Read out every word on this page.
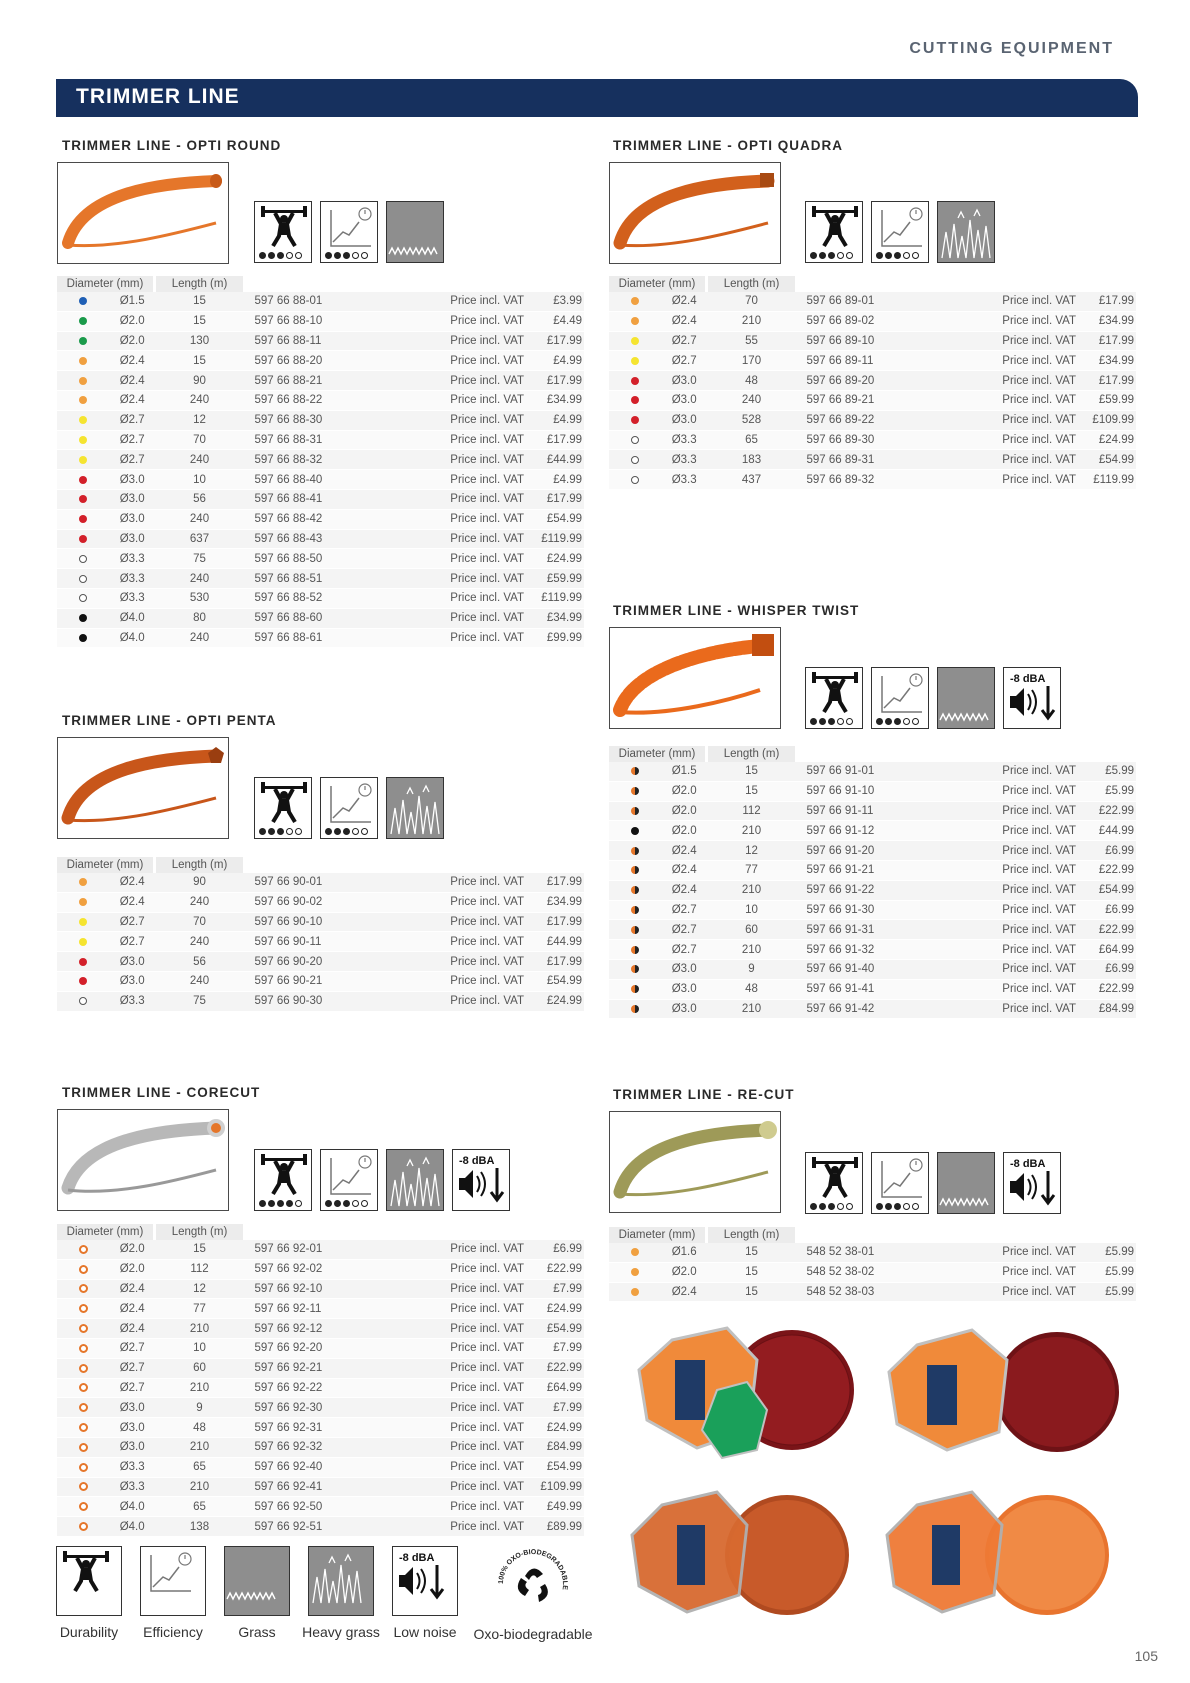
CUTTING EQUIPMENT
TRIMMER LINE
TRIMMER LINE - OPTI ROUND
Diameter (mm)		Length (m)			
	Ø1.5	15	597 66 88-01	Price incl. VAT	£3.99
	Ø2.0	15	597 66 88-10	Price incl. VAT	£4.49
	Ø2.0	130	597 66 88-11	Price incl. VAT	£17.99
	Ø2.4	15	597 66 88-20	Price incl. VAT	£4.99
	Ø2.4	90	597 66 88-21	Price incl. VAT	£17.99
	Ø2.4	240	597 66 88-22	Price incl. VAT	£34.99
	Ø2.7	12	597 66 88-30	Price incl. VAT	£4.99
	Ø2.7	70	597 66 88-31	Price incl. VAT	£17.99
	Ø2.7	240	597 66 88-32	Price incl. VAT	£44.99
	Ø3.0	10	597 66 88-40	Price incl. VAT	£4.99
	Ø3.0	56	597 66 88-41	Price incl. VAT	£17.99
	Ø3.0	240	597 66 88-42	Price incl. VAT	£54.99
	Ø3.0	637	597 66 88-43	Price incl. VAT	£119.99
	Ø3.3	75	597 66 88-50	Price incl. VAT	£24.99
	Ø3.3	240	597 66 88-51	Price incl. VAT	£59.99
	Ø3.3	530	597 66 88-52	Price incl. VAT	£119.99
	Ø4.0	80	597 66 88-60	Price incl. VAT	£34.99
	Ø4.0	240	597 66 88-61	Price incl. VAT	£99.99
TRIMMER LINE - OPTI QUADRA
Diameter (mm)		Length (m)			
	Ø2.4	70	597 66 89-01	Price incl. VAT	£17.99
	Ø2.4	210	597 66 89-02	Price incl. VAT	£34.99
	Ø2.7	55	597 66 89-10	Price incl. VAT	£17.99
	Ø2.7	170	597 66 89-11	Price incl. VAT	£34.99
	Ø3.0	48	597 66 89-20	Price incl. VAT	£17.99
	Ø3.0	240	597 66 89-21	Price incl. VAT	£59.99
	Ø3.0	528	597 66 89-22	Price incl. VAT	£109.99
	Ø3.3	65	597 66 89-30	Price incl. VAT	£24.99
	Ø3.3	183	597 66 89-31	Price incl. VAT	£54.99
	Ø3.3	437	597 66 89-32	Price incl. VAT	£119.99
TRIMMER LINE - OPTI PENTA
Diameter (mm)		Length (m)			
	Ø2.4	90	597 66 90-01	Price incl. VAT	£17.99
	Ø2.4	240	597 66 90-02	Price incl. VAT	£34.99
	Ø2.7	70	597 66 90-10	Price incl. VAT	£17.99
	Ø2.7	240	597 66 90-11	Price incl. VAT	£44.99
	Ø3.0	56	597 66 90-20	Price incl. VAT	£17.99
	Ø3.0	240	597 66 90-21	Price incl. VAT	£54.99
	Ø3.3	75	597 66 90-30	Price incl. VAT	£24.99
TRIMMER LINE - WHISPER TWIST
-8 dBA
Diameter (mm)		Length (m)			
	Ø1.5	15	597 66 91-01	Price incl. VAT	£5.99
	Ø2.0	15	597 66 91-10	Price incl. VAT	£5.99
	Ø2.0	112	597 66 91-11	Price incl. VAT	£22.99
	Ø2.0	210	597 66 91-12	Price incl. VAT	£44.99
	Ø2.4	12	597 66 91-20	Price incl. VAT	£6.99
	Ø2.4	77	597 66 91-21	Price incl. VAT	£22.99
	Ø2.4	210	597 66 91-22	Price incl. VAT	£54.99
	Ø2.7	10	597 66 91-30	Price incl. VAT	£6.99
	Ø2.7	60	597 66 91-31	Price incl. VAT	£22.99
	Ø2.7	210	597 66 91-32	Price incl. VAT	£64.99
	Ø3.0	9	597 66 91-40	Price incl. VAT	£6.99
	Ø3.0	48	597 66 91-41	Price incl. VAT	£22.99
	Ø3.0	210	597 66 91-42	Price incl. VAT	£84.99
TRIMMER LINE - CORECUT
-8 dBA
Diameter (mm)		Length (m)			
	Ø2.0	15	597 66 92-01	Price incl. VAT	£6.99
	Ø2.0	112	597 66 92-02	Price incl. VAT	£22.99
	Ø2.4	12	597 66 92-10	Price incl. VAT	£7.99
	Ø2.4	77	597 66 92-11	Price incl. VAT	£24.99
	Ø2.4	210	597 66 92-12	Price incl. VAT	£54.99
	Ø2.7	10	597 66 92-20	Price incl. VAT	£7.99
	Ø2.7	60	597 66 92-21	Price incl. VAT	£22.99
	Ø2.7	210	597 66 92-22	Price incl. VAT	£64.99
	Ø3.0	9	597 66 92-30	Price incl. VAT	£7.99
	Ø3.0	48	597 66 92-31	Price incl. VAT	£24.99
	Ø3.0	210	597 66 92-32	Price incl. VAT	£84.99
	Ø3.3	65	597 66 92-40	Price incl. VAT	£54.99
	Ø3.3	210	597 66 92-41	Price incl. VAT	£109.99
	Ø4.0	65	597 66 92-50	Price incl. VAT	£49.99
	Ø4.0	138	597 66 92-51	Price incl. VAT	£89.99
TRIMMER LINE - RE-CUT
-8 dBA
Diameter (mm)		Length (m)			
	Ø1.6	15	548 52 38-01	Price incl. VAT	£5.99
	Ø2.0	15	548 52 38-02	Price incl. VAT	£5.99
	Ø2.4	15	548 52 38-03	Price incl. VAT	£5.99
Durability Efficiency	Grass Heavy grass
-8 dBA
Low noise
100% OXO-BIODEGRADABLE
Oxo-biodegradable
105
